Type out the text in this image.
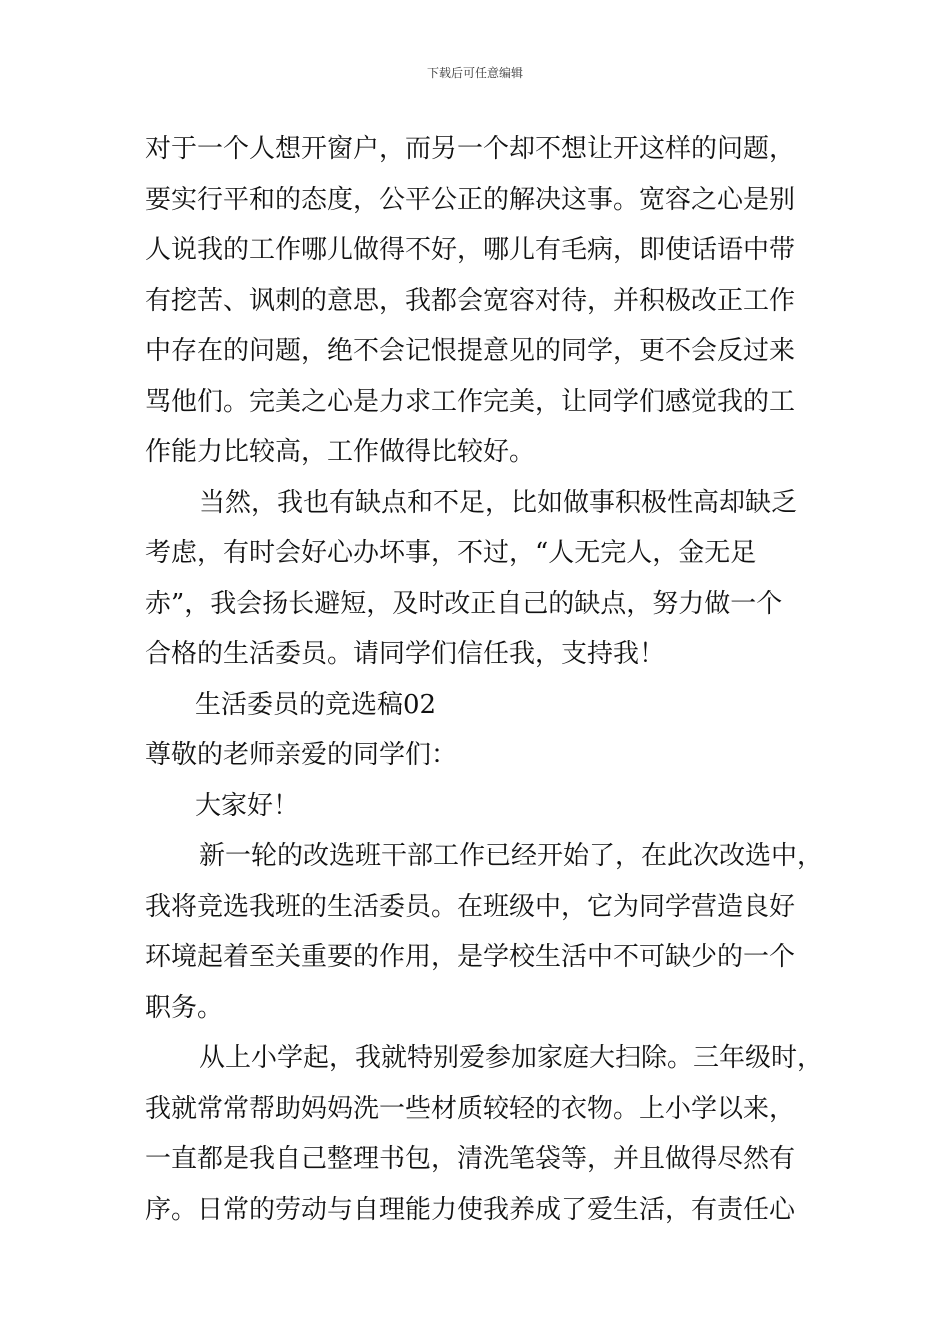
下载后可任意编辑
对于一个人想开窗户，而另一个却不想让开这样的问题，
要实行平和的态度，公平公正的解决这事。宽容之心是别
人说我的工作哪儿做得不好，哪儿有毛病，即使话语中带
有挖苦、讽刺的意思，我都会宽容对待，并积极改正工作
中存在的问题，绝不会记恨提意见的同学，更不会反过来
骂他们。完美之心是力求工作完美，让同学们感觉我的工
作能力比较高，工作做得比较好。
当然，我也有缺点和不足，比如做事积极性高却缺乏
考虑，有时会好心办坏事，不过，“人无完人，金无足
赤”，我会扬长避短，及时改正自己的缺点，努力做一个
合格的生活委员。请同学们信任我，支持我！
生活委员的竞选稿02
尊敬的老师亲爱的同学们：
大家好！
新一轮的改选班干部工作已经开始了，在此次改选中，
我将竞选我班的生活委员。在班级中，它为同学营造良好
环境起着至关重要的作用，是学校生活中不可缺少的一个
职务。
从上小学起，我就特别爱参加家庭大扫除。三年级时，
我就常常帮助妈妈洗一些材质较轻的衣物。上小学以来，
一直都是我自己整理书包，清洗笔袋等，并且做得尽然有
序。日常的劳动与自理能力使我养成了爱生活，有责任心
